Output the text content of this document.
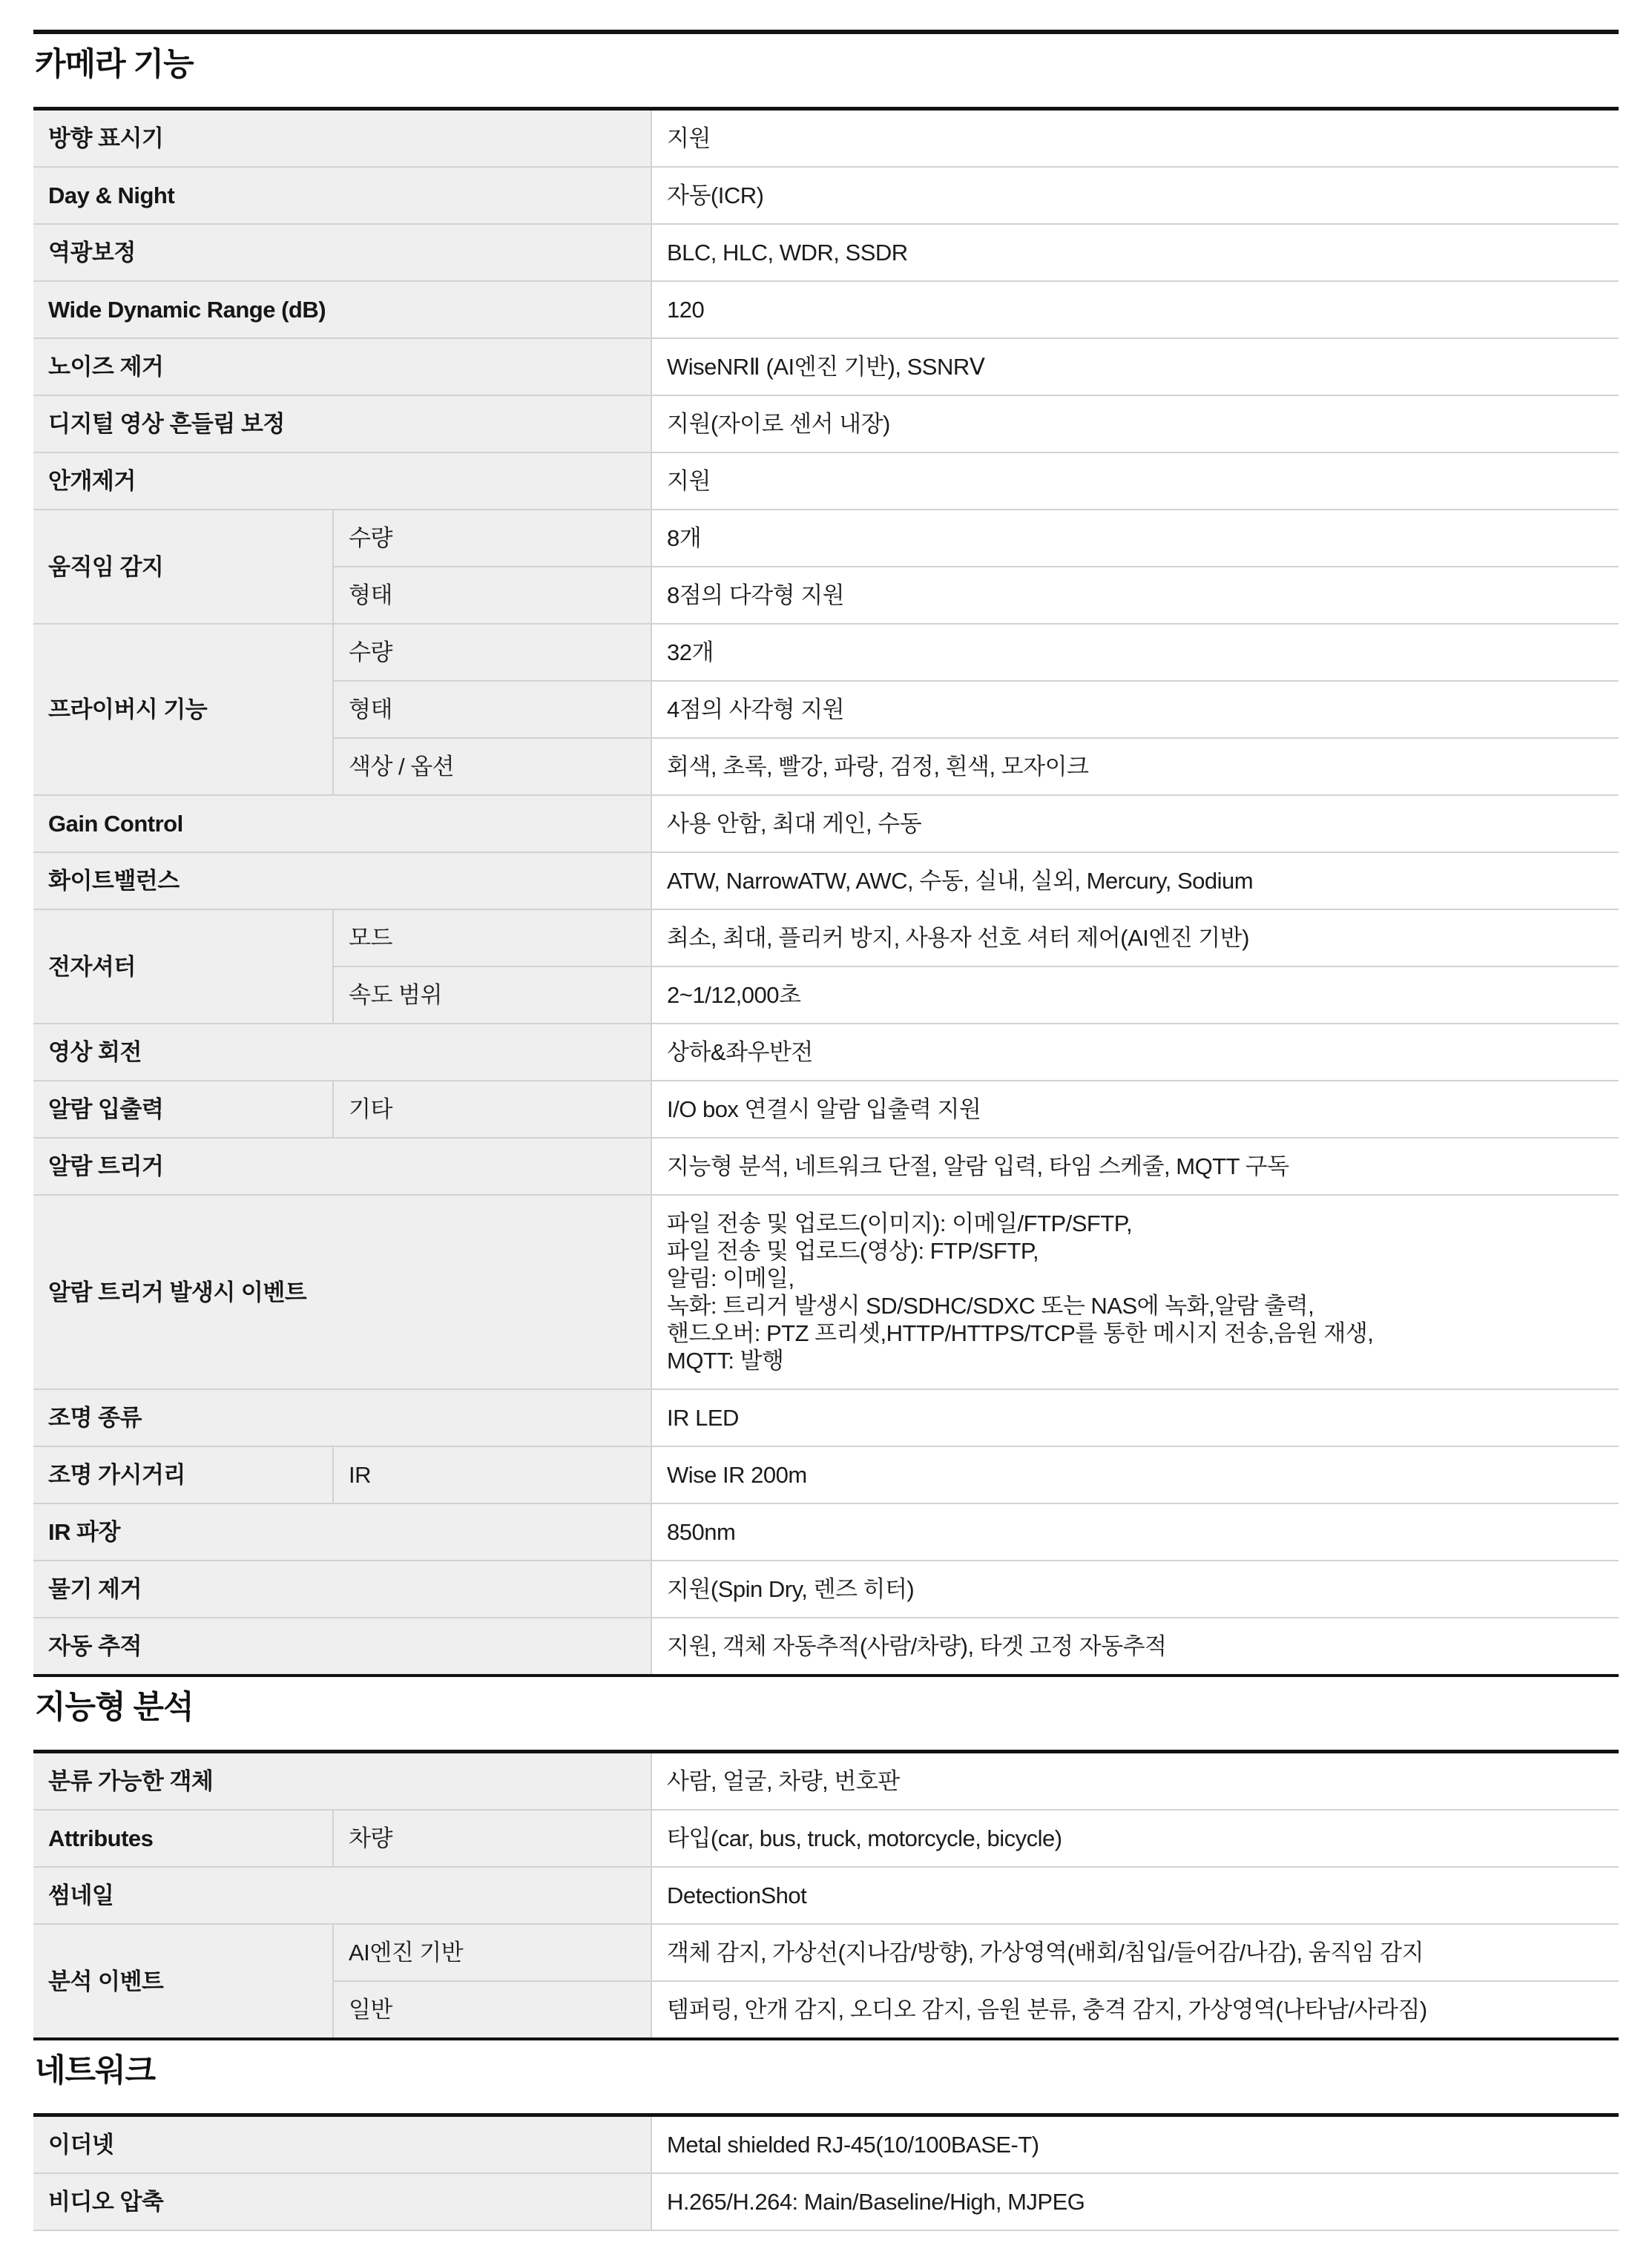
카메라 기능
방향 표시기		지원
Day & Night		자동(ICR)
역광보정		BLC, HLC, WDR, SSDR
Wide Dynamic Range (dB)		120
노이즈 제거		WiseNRⅡ (AI엔진 기반), SSNRⅤ
디지털 영상 흔들림 보정		지원(자이로 센서 내장)
안개제거		지원
움직임 감지	수량	8개
	형태	8점의 다각형 지원
프라이버시 기능	수량	32개
	형태	4점의 사각형 지원
	색상 / 옵션	회색, 초록, 빨강, 파랑, 검정, 흰색, 모자이크
Gain Control		사용 안함, 최대 게인, 수동
화이트밸런스		ATW, NarrowATW, AWC, 수동, 실내, 실외, Mercury, Sodium
전자셔터	모드	최소, 최대, 플리커 방지, 사용자 선호 셔터 제어(AI엔진 기반)
	속도 범위	2~1/12,000초
영상 회전		상하&좌우반전
알람 입출력	기타	I/O box 연결시 알람 입출력 지원
알람 트리거		지능형 분석, 네트워크 단절, 알람 입력, 타임 스케줄, MQTT 구독
알람 트리거 발생시 이벤트	
파일 전송 및 업로드(이미지): 이메일/FTP/SFTP,
파일 전송 및 업로드(영상): FTP/SFTP,
알림: 이메일,
녹화: 트리거 발생시 SD/SDHC/SDXC 또는 NAS에 녹화,알람 출력,
핸드오버: PTZ 프리셋,HTTP/HTTPS/TCP를 통한 메시지 전송,음원 재생,
MQTT: 발행

조명 종류		IR LED
조명 가시거리	IR	Wise IR 200m
IR 파장		850nm
물기 제거		지원(Spin Dry, 렌즈 히터)
자동 추적		지원, 객체 자동추적(사람/차량), 타겟 고정 자동추적
지능형 분석
분류 가능한 객체		사람, 얼굴, 차량, 번호판
Attributes	차량	타입(car, bus, truck, motorcycle, bicycle)
썸네일		DetectionShot
분석 이벤트	AI엔진 기반	객체 감지, 가상선(지나감/방향), 가상영역(배회/침입/들어감/나감), 움직임 감지
	일반	템퍼링, 안개 감지, 오디오 감지, 음원 분류, 충격 감지, 가상영역(나타남/사라짐)
네트워크
이더넷	Metal shielded RJ-45(10/100BASE-T)
비디오 압축	H.265/H.264: Main/Baseline/High, MJPEG
